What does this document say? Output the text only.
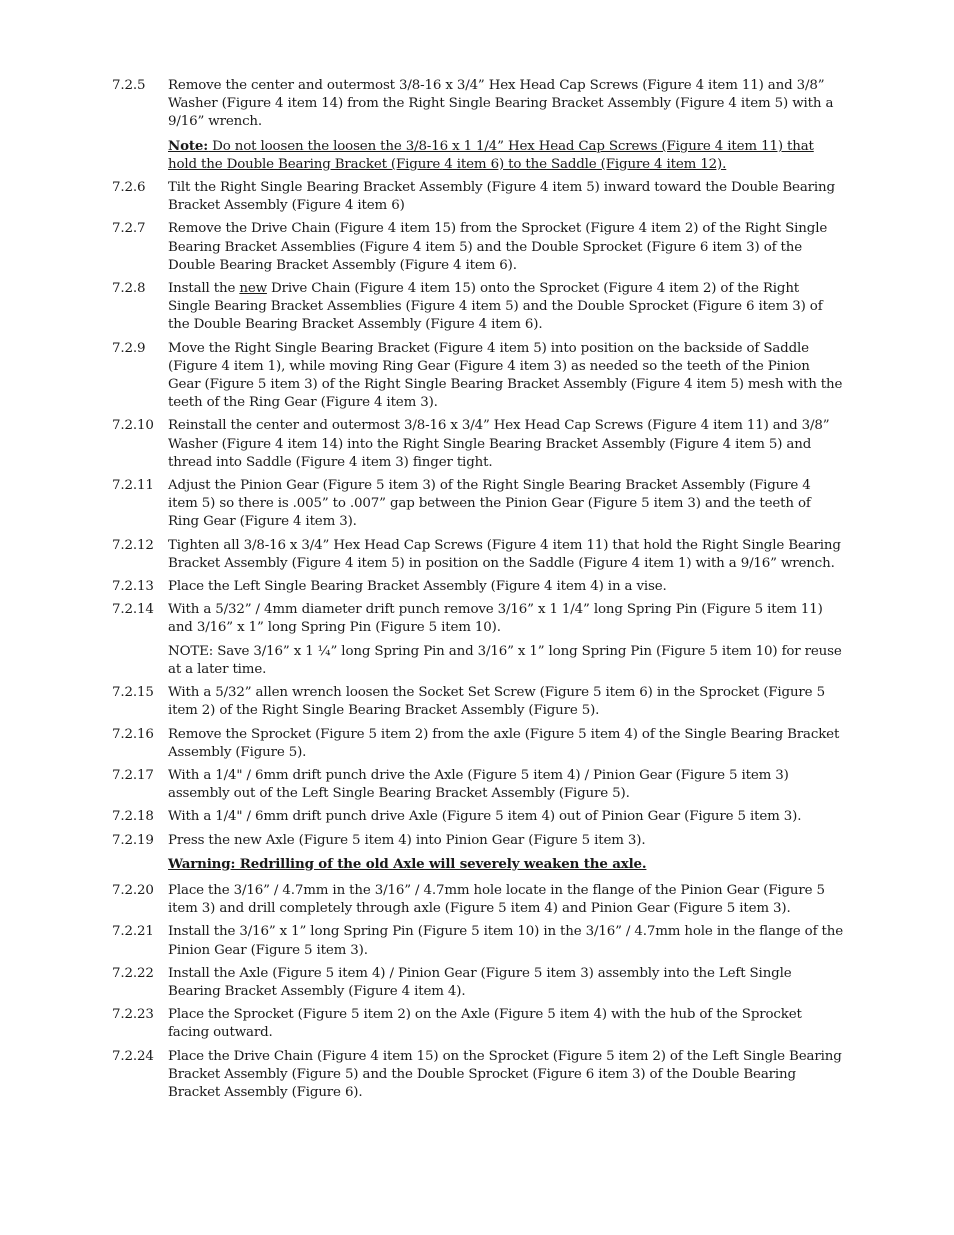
7.2.5	Remove the center and outermost 3/8-16 x 3/4” Hex Head Cap Screws (Figure 4 item 11) and 3/8” Washer (Figure 4 item 14) from the Right Single Bearing Bracket Assembly (Figure 4 item 5) with a 9/16” wrench.
Note: Do not loosen the loosen the 3/8-16 x 1 1/4” Hex Head Cap Screws (Figure 4 item 11) that hold the Double Bearing Bracket (Figure 4 item 6) to the Saddle (Figure 4 item 12).
7.2.6	Tilt the Right Single Bearing Bracket Assembly (Figure 4 item 5) inward toward the Double Bearing Bracket Assembly (Figure 4 item 6)
7.2.7	Remove the Drive Chain (Figure 4 item 15) from the Sprocket (Figure 4 item 2) of the Right Single Bearing Bracket Assemblies (Figure 4 item 5) and the Double Sprocket (Figure 6 item 3) of the Double Bearing Bracket Assembly (Figure 4 item 6).
7.2.8	Install the new Drive Chain (Figure 4 item 15) onto the Sprocket (Figure 4 item 2) of the Right Single Bearing Bracket Assemblies (Figure 4 item 5) and the Double Sprocket (Figure 6 item 3) of the Double Bearing Bracket Assembly (Figure 4 item 6).
7.2.9	Move the Right Single Bearing Bracket (Figure 4 item 5) into position on the backside of Saddle (Figure 4 item 1), while moving Ring Gear (Figure 4 item 3) as needed so the teeth of the Pinion Gear (Figure 5 item 3) of the Right Single Bearing Bracket Assembly (Figure 4 item 5) mesh with the teeth of the Ring Gear (Figure 4 item 3).
7.2.10	Reinstall the center and outermost 3/8-16 x 3/4” Hex Head Cap Screws (Figure 4 item 11) and 3/8” Washer (Figure 4 item 14) into the Right Single Bearing Bracket Assembly (Figure 4 item 5) and thread into Saddle (Figure 4 item 3) finger tight.
7.2.11	Adjust the Pinion Gear (Figure 5 item 3) of the Right Single Bearing Bracket Assembly (Figure 4 item 5) so there is .005” to .007” gap between the Pinion Gear (Figure 5 item 3) and the teeth of Ring Gear (Figure 4 item 3).
7.2.12	Tighten all 3/8-16 x 3/4” Hex Head Cap Screws (Figure 4 item 11) that hold the Right Single Bearing Bracket Assembly (Figure 4 item 5) in position on the Saddle (Figure 4 item 1) with a 9/16” wrench.
7.2.13	Place the Left Single Bearing Bracket Assembly (Figure 4 item 4) in a vise.
7.2.14	With a 5/32” / 4mm diameter drift punch remove 3/16” x 1 1/4” long Spring Pin (Figure 5 item 11) and 3/16” x 1” long Spring Pin (Figure 5 item 10).
NOTE: Save 3/16” x 1 ¼” long Spring Pin and 3/16” x 1” long Spring Pin (Figure 5 item 10) for reuse at a later time.
7.2.15	With a 5/32” allen wrench loosen the Socket Set Screw (Figure 5 item 6) in the Sprocket (Figure 5 item 2) of the Right Single Bearing Bracket Assembly (Figure 5).
7.2.16	Remove the Sprocket (Figure 5 item 2) from the axle (Figure 5 item 4) of the Single Bearing Bracket Assembly (Figure 5).
7.2.17	With a 1/4" / 6mm drift punch drive the Axle (Figure 5 item 4) / Pinion Gear (Figure 5 item 3) assembly out of the Left Single Bearing Bracket Assembly (Figure 5).
7.2.18	With a 1/4" / 6mm drift punch drive Axle (Figure 5 item 4) out of Pinion Gear (Figure 5 item 3).
7.2.19	Press the new Axle (Figure 5 item 4) into Pinion Gear (Figure 5 item 3).
Warning: Redrilling of the old Axle will severely weaken the axle.
7.2.20	Place the 3/16” / 4.7mm in the 3/16” / 4.7mm hole locate in the flange of the Pinion Gear (Figure 5 item 3) and drill completely through axle (Figure 5 item 4) and Pinion Gear (Figure 5 item 3).
7.2.21	Install the 3/16” x 1” long Spring Pin (Figure 5 item 10) in the 3/16” / 4.7mm hole in the flange of the Pinion Gear (Figure 5 item 3).
7.2.22	Install the Axle (Figure 5 item 4) / Pinion Gear (Figure 5 item 3) assembly into the Left Single Bearing Bracket Assembly (Figure 4 item 4).
7.2.23	Place the Sprocket (Figure 5 item 2) on the Axle (Figure 5 item 4) with the hub of the Sprocket facing outward.
7.2.24	Place the Drive Chain (Figure 4 item 15) on the Sprocket (Figure 5 item 2) of the Left Single Bearing Bracket Assembly (Figure 5) and the Double Sprocket (Figure 6 item 3) of the Double Bearing Bracket Assembly (Figure 6).
